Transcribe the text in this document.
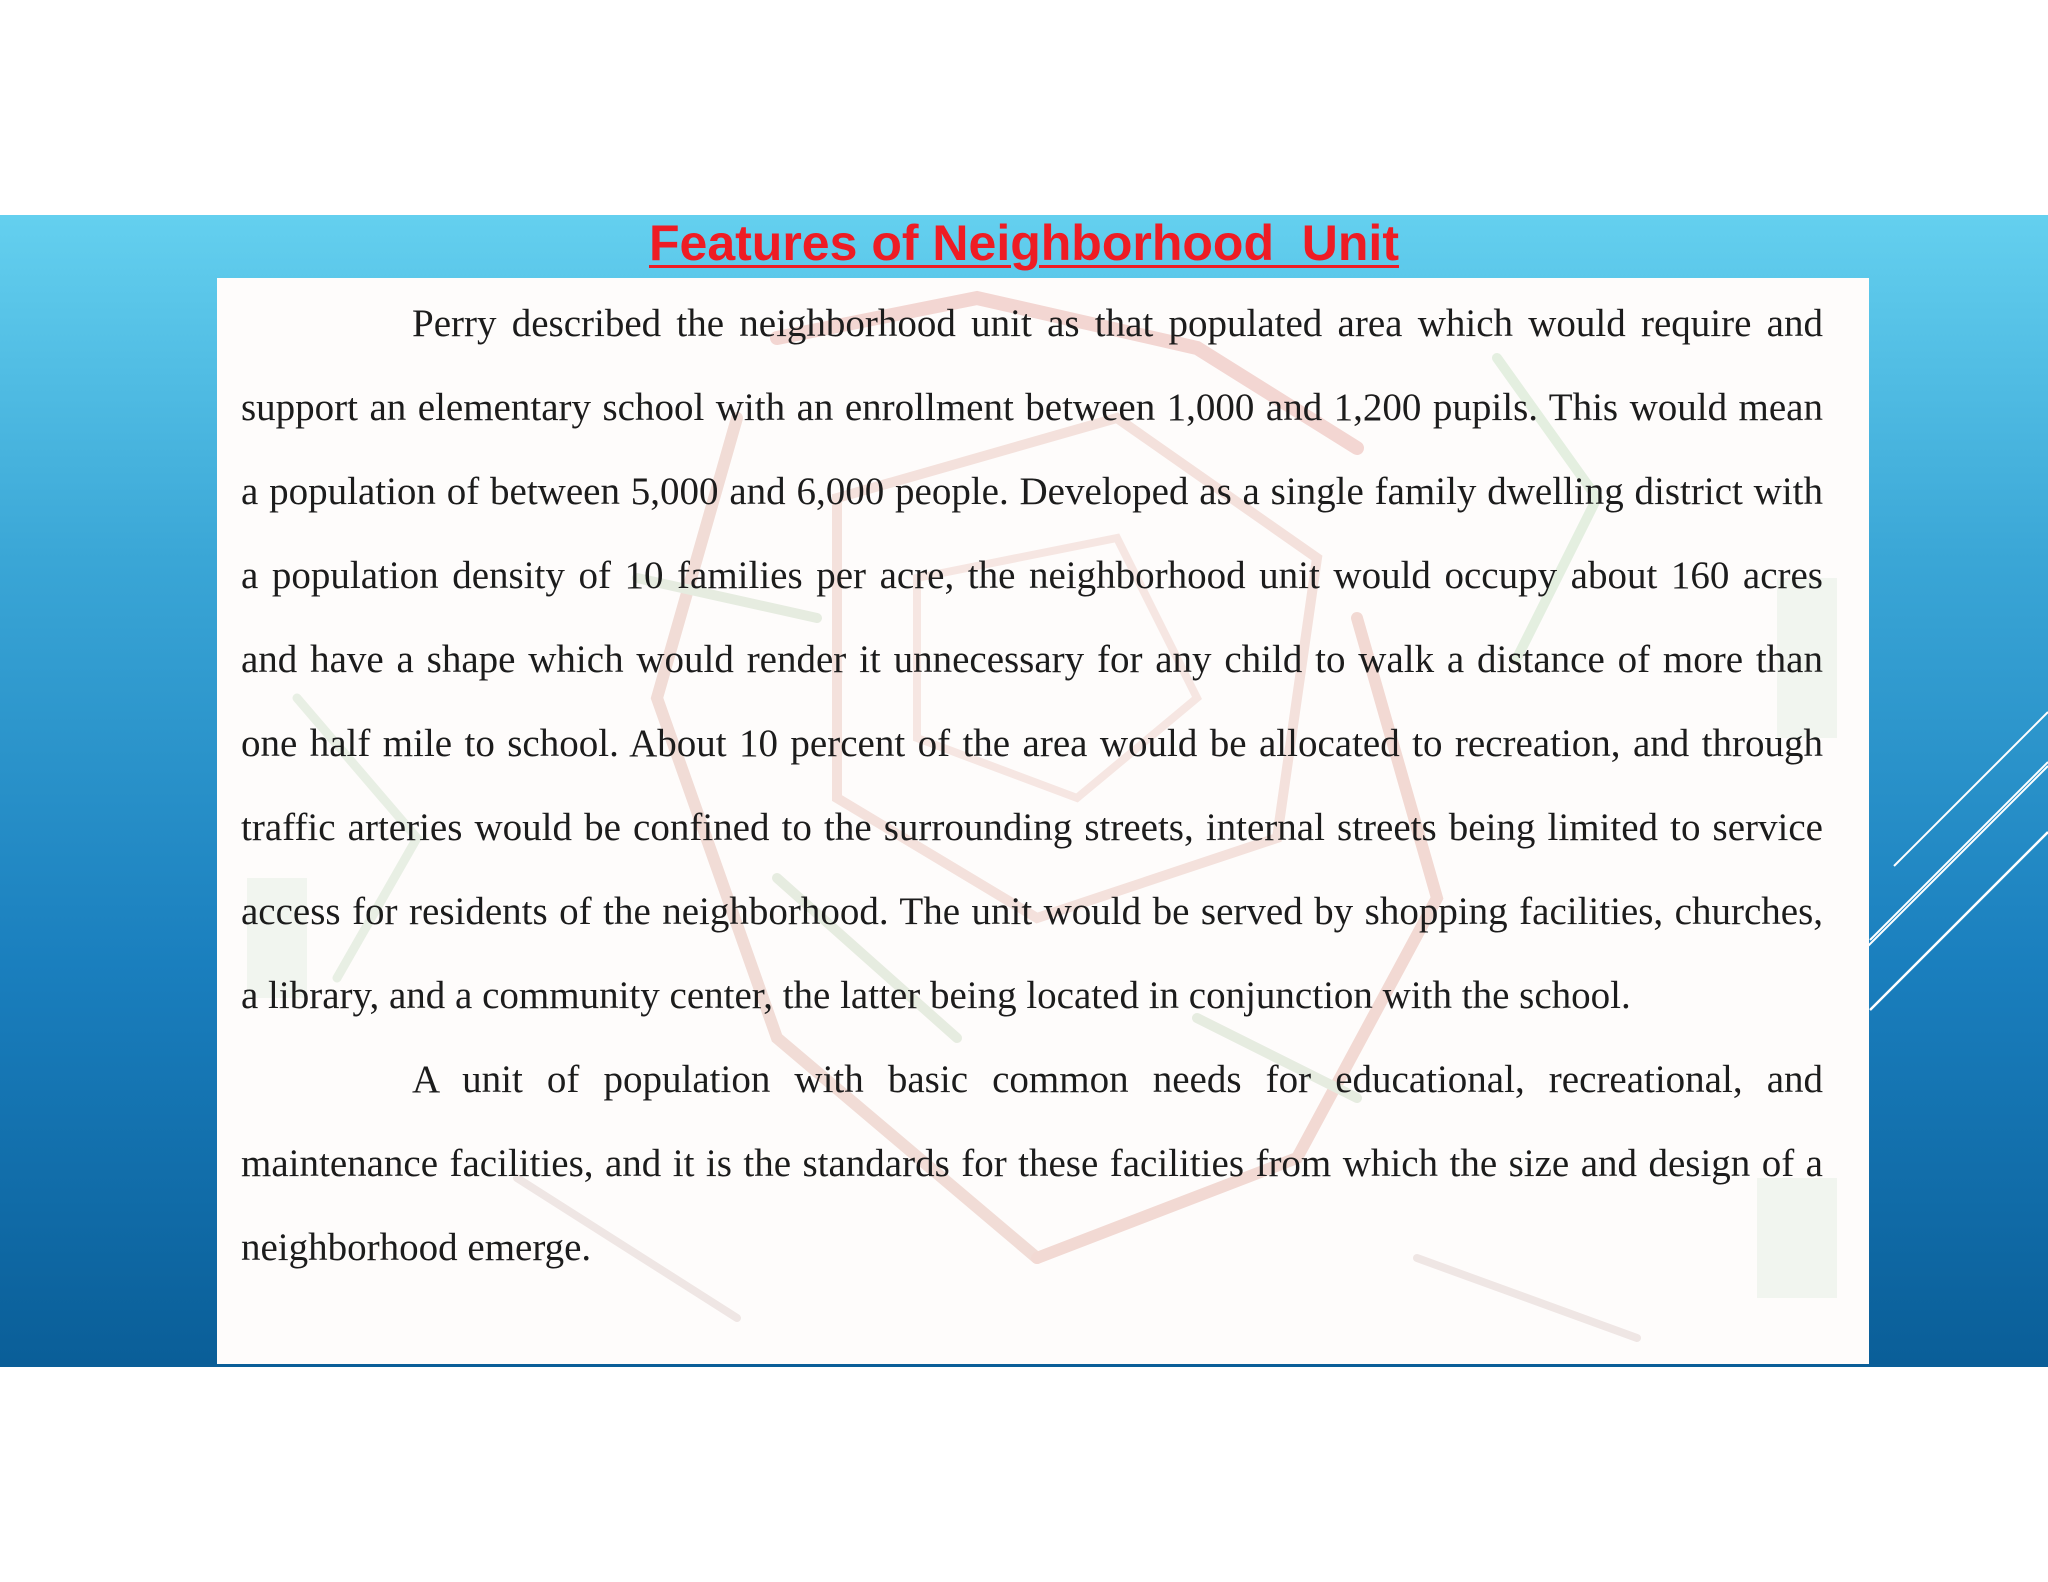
Features of Neighborhood  Unit

Perry described the neighborhood unit as that populated area which would require and support an elementary school with an enrollment between 1,000 and 1,200 pupils. This would mean a population of between 5,000 and 6,000 people. Developed as a single family dwelling district with a population density of 10 families per acre, the neighborhood unit would occupy about 160 acres and have a shape which would render it unnecessary for any child to walk a distance of more than one half mile to school. About 10 percent of the area would be allocated to recreation, and through traffic arteries would be confined to the surrounding streets, internal streets being limited to service access for residents of the neighborhood. The unit would be served by shopping facilities, churches, a library, and a community center, the latter being located in conjunction with the school.

A unit of population with basic common needs for educational, recreational, and maintenance facilities, and it is the standards for these facilities from which the size and design of a neighborhood emerge.
